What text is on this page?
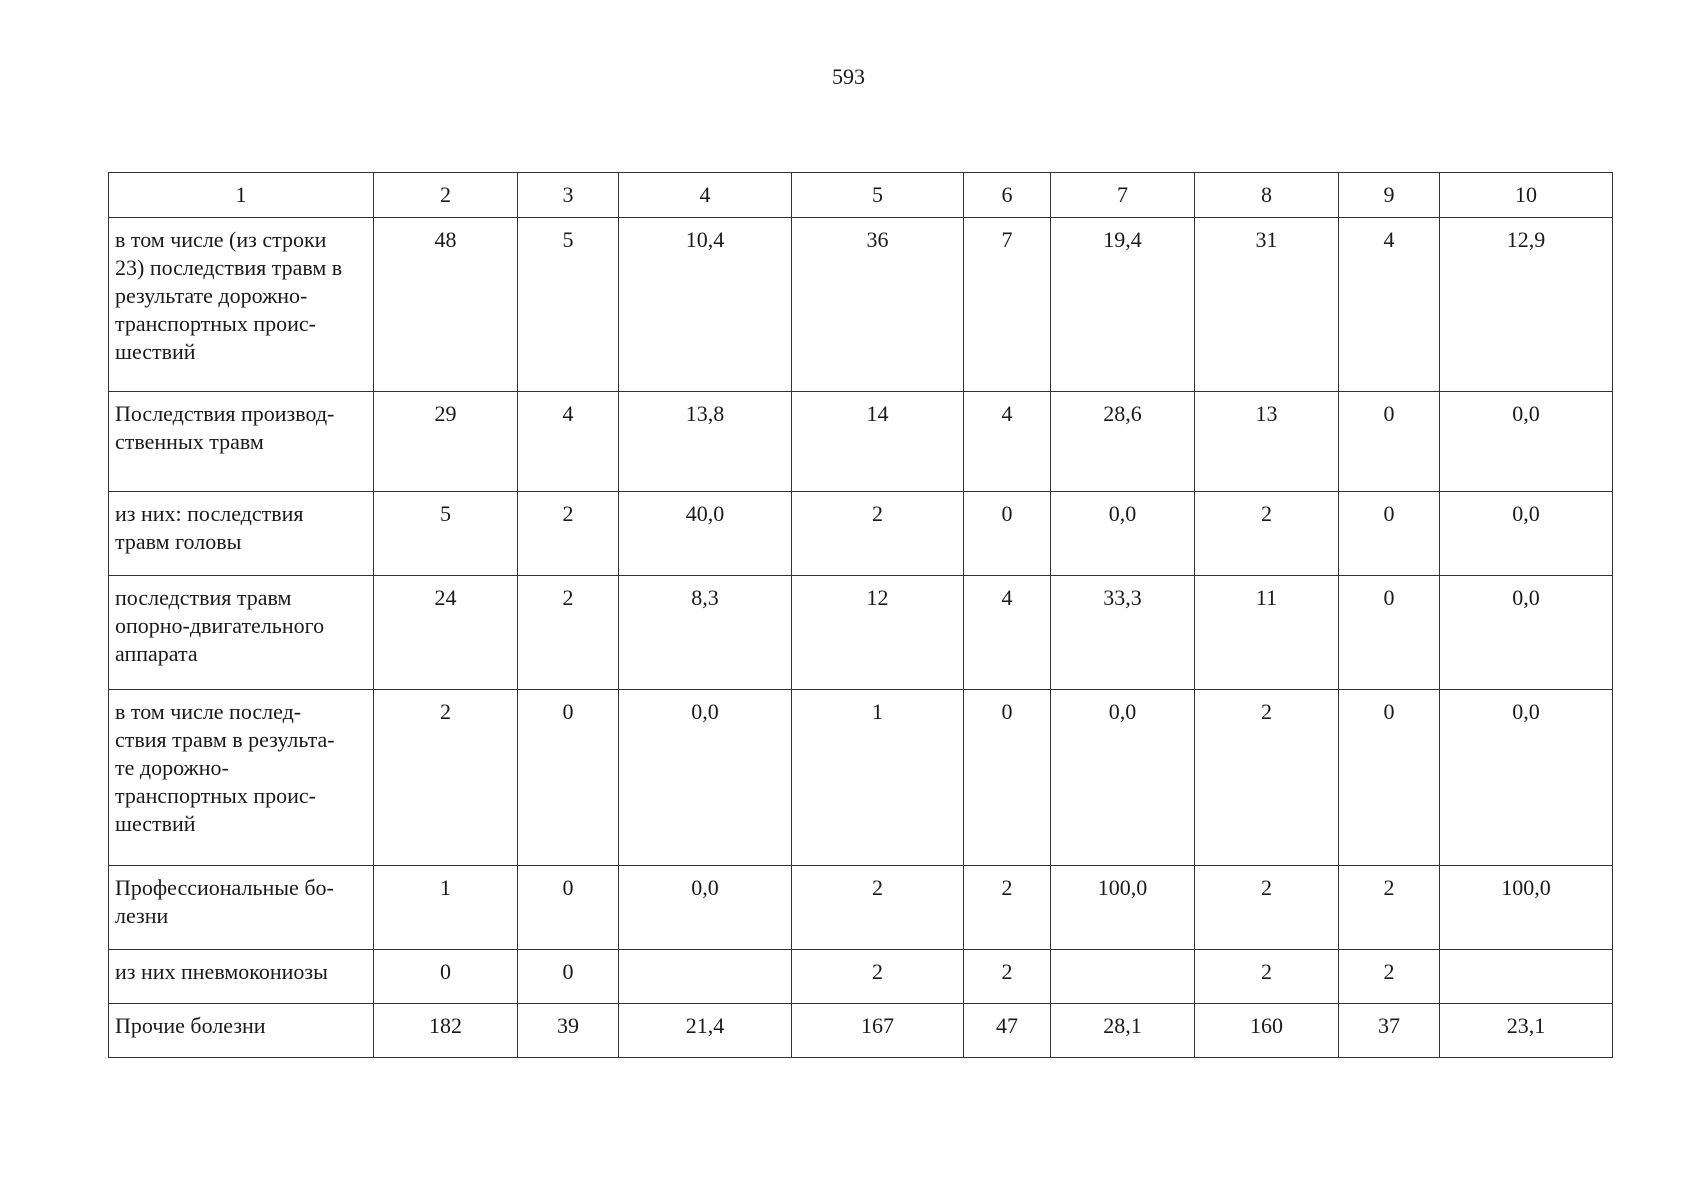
593
1	2	3	4	5	6	7	8	9	10
в том числе (из строки
23) последствия травм в
результате дорожно-
транспортных проис-
шествий	48	5	10,4	36	7	19,4	31	4	12,9
Последствия производ-
ственных травм	29	4	13,8	14	4	28,6	13	0	0,0
из них: последствия
травм головы	5	2	40,0	2	0	0,0	2	0	0,0
последствия травм
опорно-двигательного
аппарата	24	2	8,3	12	4	33,3	11	0	0,0
в том числе послед-
ствия травм в результа-
те дорожно-
транспортных проис-
шествий	2	0	0,0	1	0	0,0	2	0	0,0
Профессиональные бо-
лезни	1	0	0,0	2	2	100,0	2	2	100,0
из них пневмокониозы	0	0		2	2		2	2	
Прочие болезни	182	39	21,4	167	47	28,1	160	37	23,1
